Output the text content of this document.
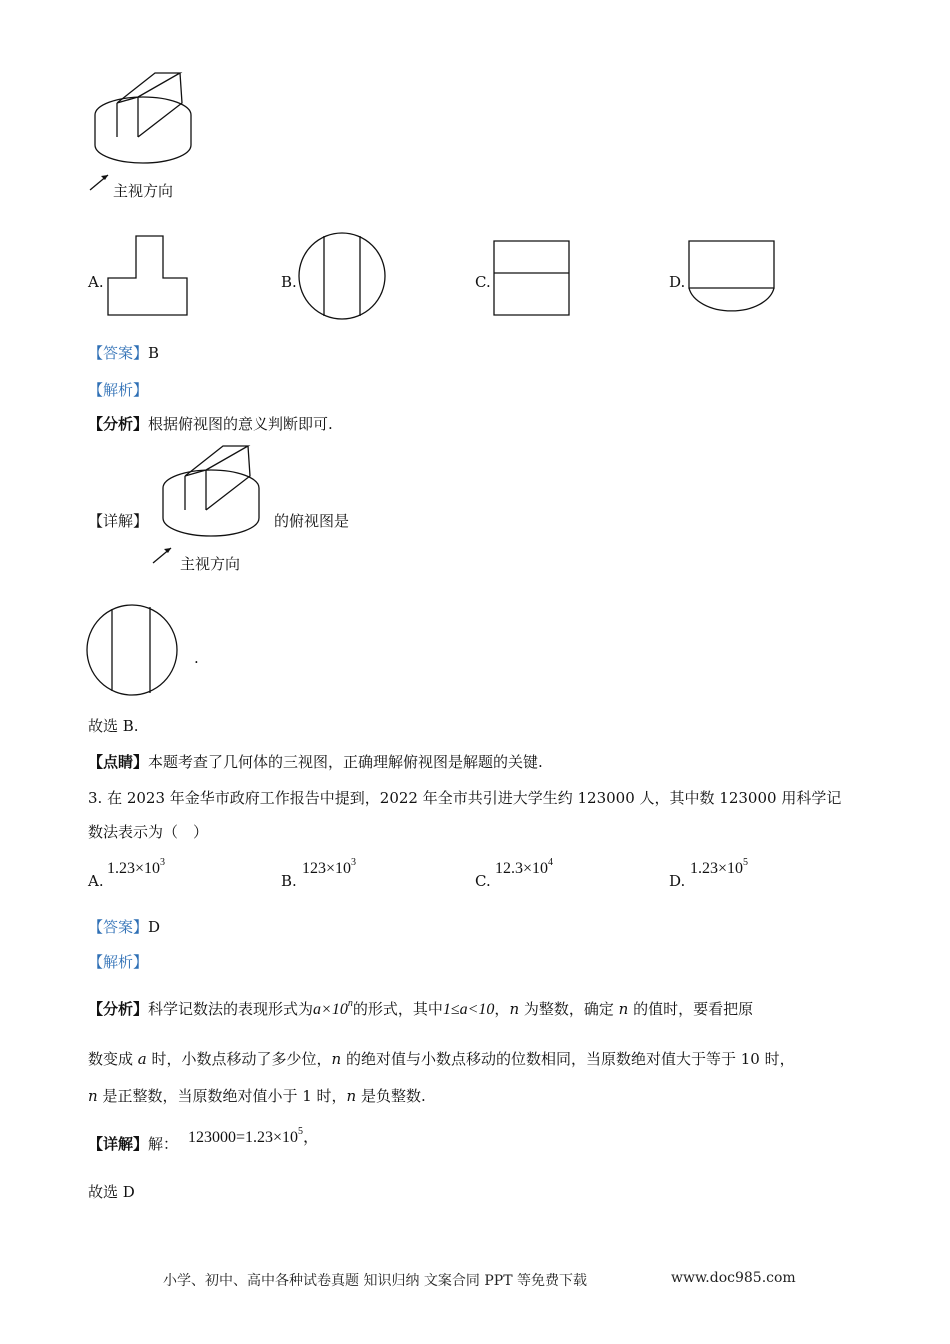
主视方向
A.	B.	C.	D.
【答案】B
【解析】
【分析】根据俯视图的意义判断即可.
【详解】
主视方向
的俯视图是
.
故选 B.
【点睛】本题考查了几何体的三视图，正确理解俯视图是解题的关键.
3. 在 2023 年金华市政府工作报告中提到，2022 年全市共引进大学生约 123000 人，其中数 123000 用科学记
数法表示为（　）
A.
$1.23\times 10^3$
B.
$123\times 10^3$
C.
$12.3\times 10^4$
D.
$1.23\times 10^5$
【答案】D
【解析】
【分析】科学记数法的表现形式为$a\times 10^n$的形式，其中1≤a<10，n 为整数，确定 n 的值时，要看把原
数变成 a 时，小数点移动了多少位，n 的绝对值与小数点移动的位数相同，当原数绝对值大于等于 10 时，
n 是正整数，当原数绝对值小于 1 时，n 是负整数.
【详解】解： $123000=1.23\times 10^5$，
故选 D
小学、初中、高中各种试卷真题 知识归纳 文案合同 PPT 等免费下载	www.doc985.com
